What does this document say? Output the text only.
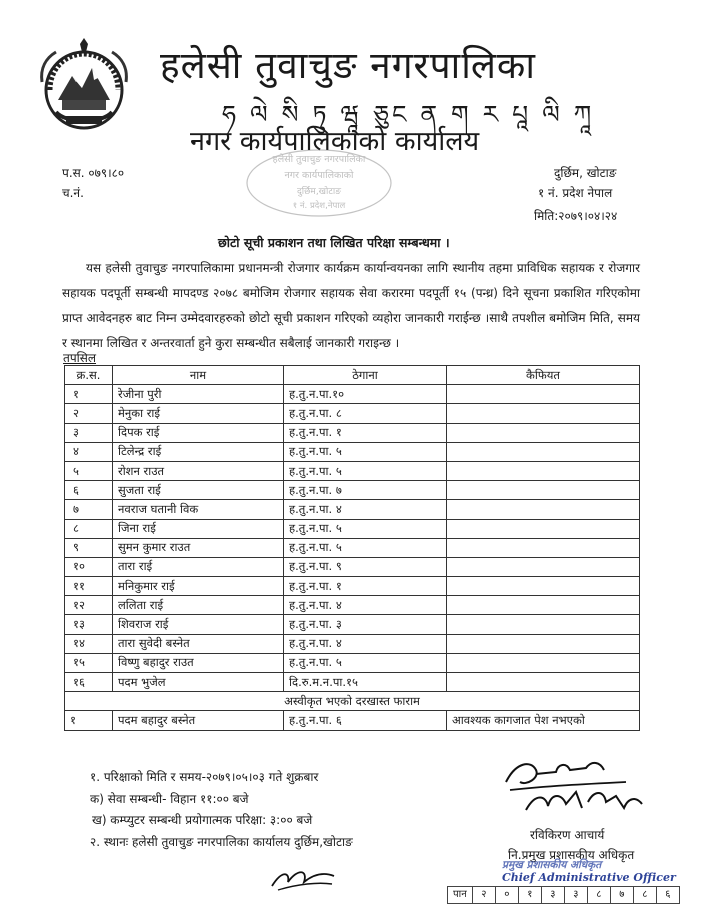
हलेसी तुवाचुङ नगरपालिका
ཧ ལེ སི ཏུ ཝཱ ཅུང ན ག ར པཱ ལི ཀཱ
नगर कार्यपालिकाको कार्यालय
प.स. ०७९।८०
च.नं.
दुर्छिम, खोटाङ
१ नं. प्रदेश नेपाल
मिति:२०७९।०४।२४
हलेसी तुवाचुङ नगरपालिका
नगर कार्यपालिकाको
दुर्छिम,खोटाङ
१ नं. प्रदेश,नेपाल
छोटो सूची प्रकाशन तथा लिखित परिक्षा सम्बन्धमा ।
यस हलेसी तुवाचुङ नगरपालिकामा प्रधानमन्त्री रोजगार कार्यक्रम कार्यान्वयनका लागि स्थानीय तहमा प्राविधिक सहायक र रोजगार सहायक पदपूर्ती सम्बन्धी मापदण्ड २०७८ बमोजिम रोजगार सहायक सेवा करारमा पदपूर्ती १५ (पन्ध्र) दिने सूचना प्रकाशित गरिएकोमा प्राप्त आवेदनहरु बाट निम्न उम्मेदवारहरुको छोटो सूची प्रकाशन गरिएको व्यहोरा जानकारी गराईन्छ ।साथै तपशील बमोजिम मिति, समय र स्थानमा लिखित र अन्तरवार्ता हुने कुरा सम्बन्धीत सबैलाई जानकारी गराइन्छ ।
तपसिल
क्र.स.	नाम	ठेगाना	कैफियत
१	रेजीना पुरी	ह.तु.न.पा.१०	
२	मेनुका राई	ह.तु.न.पा. ८	
३	दिपक राई	ह.तु.न.पा. १	
४	टिलेन्द्र राई	ह.तु.न.पा. ५	
५	रोशन राउत	ह.तु.न.पा. ५	
६	सुजता राई	ह.तु.न.पा. ७	
७	नवराज घतानी विक	ह.तु.न.पा. ४	
८	जिना राई	ह.तु.न.पा. ५	
९	सुमन कुमार राउत	ह.तु.न.पा. ५	
१०	तारा राई	ह.तु.न.पा. ९	
११	मनिकुमार राई	ह.तु.न.पा. १	
१२	ललिता राई	ह.तु.न.पा. ४	
१३	शिवराज राई	ह.तु.न.पा. ३	
१४	तारा सुवेदी बस्नेत	ह.तु.न.पा. ४	
१५	विष्णु बहादुर राउत	ह.तु.न.पा. ५	
१६	पदम भुजेल	दि.रु.म.न.पा.१५	
अस्वीकृत भएको दरखास्त फाराम			
१	पदम बहादुर बस्नेत	ह.तु.न.पा. ६	आवश्यक कागजात पेश नभएको
१. परिक्षाको मिति र समय-२०७९।०५।०३ गते शुक्रबार
क) सेवा सम्बन्धी- विहान ११:०० बजे
ख) कम्प्युटर सम्बन्धी प्रयोगात्मक परिक्षा: ३:०० बजे
२. स्थानः हलेसी तुवाचुङ नगरपालिका कार्यालय दुर्छिम,खोटाङ	रविकिरण आचार्य
नि.प्रमुख प्रशासकीय अधिकृत
प्रमुख प्रशासकीय अधिकृत
Chief Administrative Officer
पान	२	०	१	३	३	८	७	८	६
